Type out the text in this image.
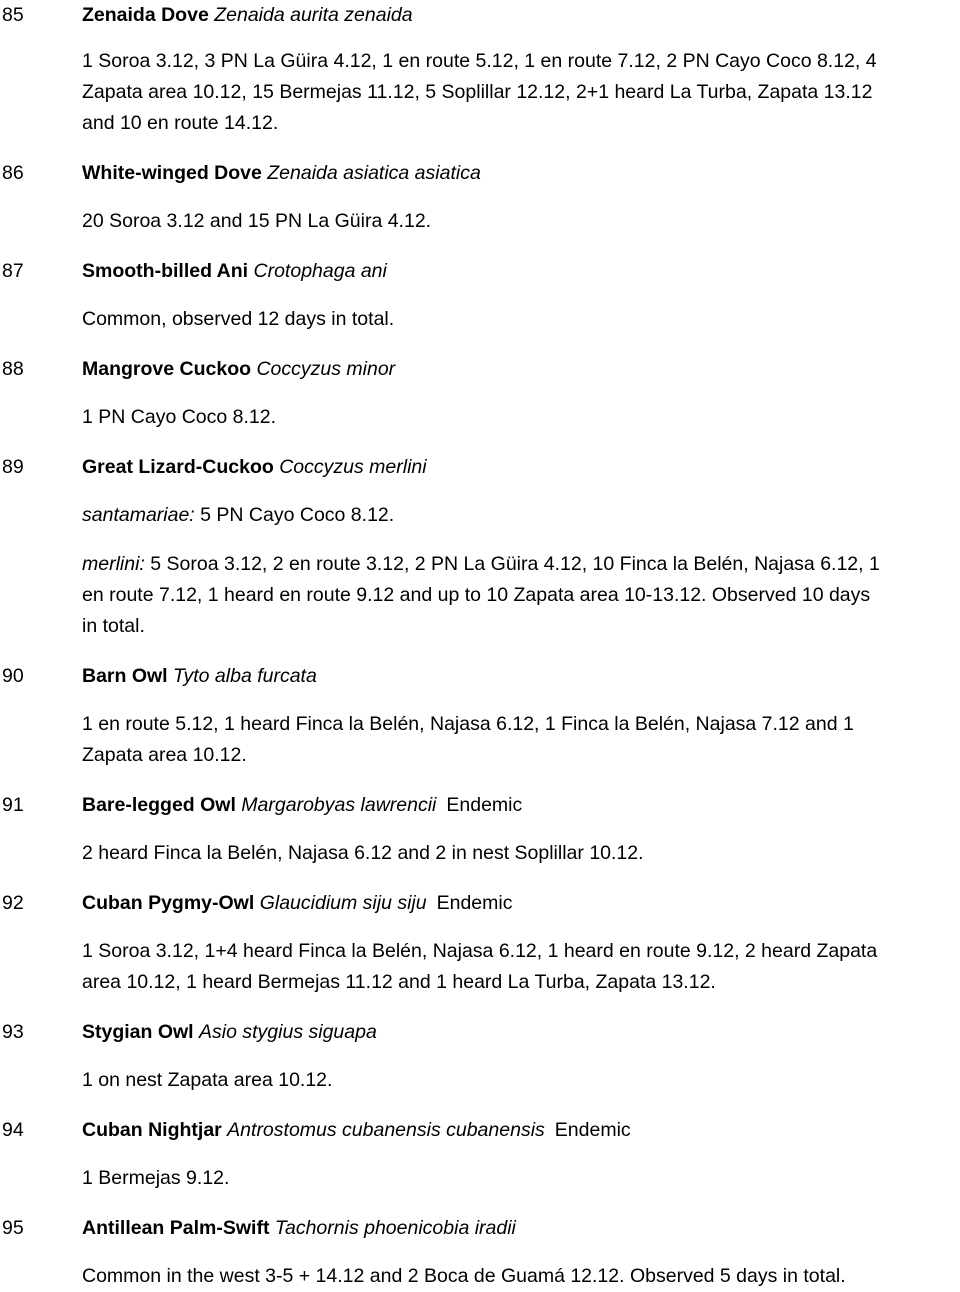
85	Zenaida Dove Zenaida aurita zenaida
1 Soroa 3.12, 3 PN La Güira 4.12, 1 en route 5.12, 1 en route 7.12, 2 PN Cayo Coco 8.12, 4
Zapata area 10.12, 15 Bermejas 11.12, 5 Soplillar 12.12, 2+1 heard La Turba, Zapata 13.12
and 10 en route 14.12.
86	White-winged Dove Zenaida asiatica asiatica
20 Soroa 3.12 and 15 PN La Güira 4.12.
87	Smooth-billed Ani Crotophaga ani
Common, observed 12 days in total.
88	Mangrove Cuckoo Coccyzus minor
1 PN Cayo Coco 8.12.
89	Great Lizard-Cuckoo Coccyzus merlini
santamariae: 5 PN Cayo Coco 8.12.
merlini: 5 Soroa 3.12, 2 en route 3.12, 2 PN La Güira 4.12, 10 Finca la Belén, Najasa 6.12, 1
en route 7.12, 1 heard en route 9.12 and up to 10 Zapata area 10-13.12. Observed 10 days
in total.
90	Barn Owl Tyto alba furcata
1 en route 5.12, 1 heard Finca la Belén, Najasa 6.12, 1 Finca la Belén, Najasa 7.12 and 1
Zapata area 10.12.
91	Bare-legged Owl Margarobyas lawrencii Endemic
2 heard Finca la Belén, Najasa 6.12 and 2 in nest Soplillar 10.12.
92	Cuban Pygmy-Owl Glaucidium siju siju Endemic
1 Soroa 3.12, 1+4 heard Finca la Belén, Najasa 6.12, 1 heard en route 9.12, 2 heard Zapata
area 10.12, 1 heard Bermejas 11.12 and 1 heard La Turba, Zapata 13.12.
93	Stygian Owl Asio stygius siguapa
1 on nest Zapata area 10.12.
94	Cuban Nightjar Antrostomus cubanensis cubanensis Endemic
1 Bermejas 9.12.
95	Antillean Palm-Swift Tachornis phoenicobia iradii
Common in the west 3-5 + 14.12 and 2 Boca de Guamá 12.12. Observed 5 days in total.
